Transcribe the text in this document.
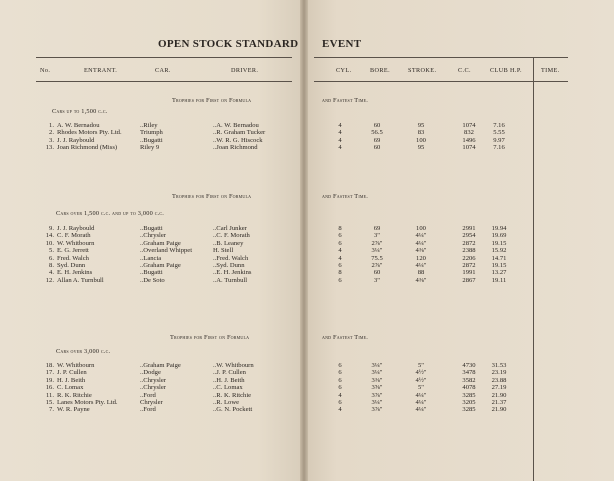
OPEN STOCK STANDARD EVENT
No.	ENTRANT.	CAR.	DRIVER.	CYL.	BORE.	STROKE.	C.C.	CLUB H.P.	TIME.
Trophies for First on Formula	and Fastest Time.
Cars up to 1,500 c.c.
1. A. W. Bernadou	..Riley	..A. W. Bernadou	4	60	95	1074	7.16
2. Rhodes Motors Pty. Ltd.	Triumph	..R. Graham Tucker	4	56.5	83	832	5.55
3. J. J. Raybould	..Bugatti	..W. R. G. Hiscock	4	69	100	1496	9.97
13. Joan Richmond (Miss)	Riley 9	..Joan Richmond	4	60	95	1074	7.16
Trophies for First on Formula	and Fastest Time.
Cars over 1,500 c.c. and up to 3,000 c.c.
9. J. J. Raybould	..Bugatti	..Carl Junker	8	69	100	2991	19.94
14. C. F. Morath	..Chrysler	..C. F. Morath	6	3"	4¼"	2954	19.69
10. W. Whitbourn	..Graham Paige	..B. Leaney	6	2⅞"	4¼"	2872	19.15
5. E. G. Jerrett	..Overland Whippet	H. Stell	4	3¼"	4⅜"	2388	15.92
6. Fred. Walch	..Lancia	..Fred. Walch	4	75.5	120	2206	14.71
8. Syd. Dunn	..Graham Paige	..Syd. Dunn	6	2⅞"	4¼"	2872	19.15
4. E. H. Jenkins	..Bugatti	..E. H. Jenkins	8	60	88	1991	13.27
12. Allan A. Turnbull	..De Soto	..A. Turnbull	6	3"	4⅜"	2867	19.11
Trophies for First on Formula	and Fastest Time.
Cars over 3,000 c.c.
18. W. Whitbourn	..Graham Paige	..W. Whitbourn	6	3¼"	5"	4730	31.53
17. J. P. Cullen	..Dodge	..J. P. Cullen	6	3¼"	4½"	3478	23.19
19. H. J. Beith	..Chrysler	..H. J. Beith	6	3⅜"	4½"	3582	23.88
16. C. Lomax	..Chrysler	..C. Lomax	6	3⅝"	5"	4078	27.19
11. R. K. Ritchie	..Ford	..R. K. Ritchie	4	3⅞"	4¼"	3285	21.90
15. Lanes Motors Pty. Ltd.	Chrysler	..R. Lowe	6	3¼"	4¼"	3205	21.37
7. W. R. Payne	..Ford	..G. N. Pockett	4	3⅞"	4¼"	3285	21.90
